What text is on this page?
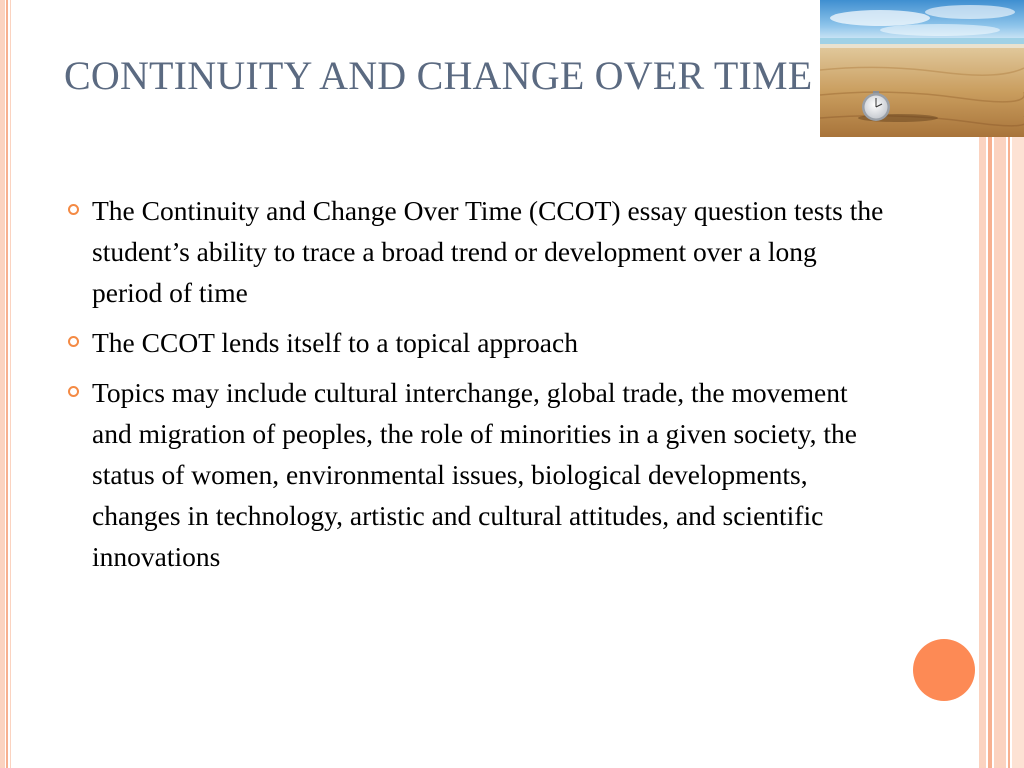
CONTINUITY AND CHANGE OVER TIME
The Continuity and Change Over Time (CCOT) essay question tests the student’s ability to trace a broad trend or development over a long period of time
The CCOT lends itself to a topical approach
Topics may include cultural interchange, global trade, the movement and migration of peoples, the role of minorities in a given society, the status of women, environmental issues, biological developments, changes in technology, artistic and cultural attitudes, and scientific innovations
